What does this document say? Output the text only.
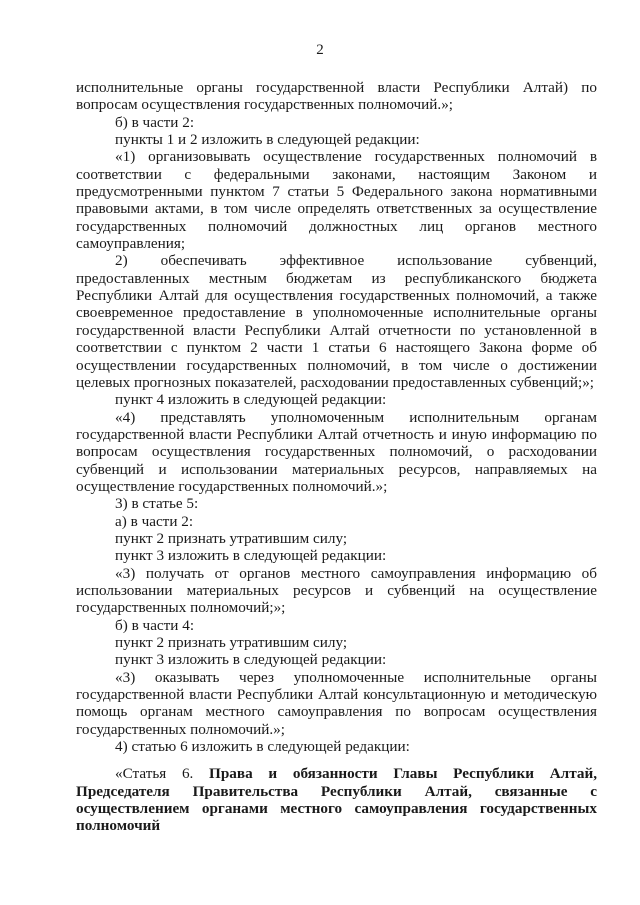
2

исполнительные органы государственной власти Республики Алтай) по вопросам осуществления государственных полномочий.»;

б) в части 2:

пункты 1 и 2 изложить в следующей редакции:

«1) организовывать осуществление государственных полномочий в соответствии с федеральными законами, настоящим Законом и предусмотренными пунктом 7 статьи 5 Федерального закона нормативными правовыми актами, в том числе определять ответственных за осуществление государственных полномочий должностных лиц органов местного самоуправления;

2) обеспечивать эффективное использование субвенций, предоставленных местным бюджетам из республиканского бюджета Республики Алтай для осуществления государственных полномочий, а также своевременное предоставление в уполномоченные исполнительные органы государственной власти Республики Алтай отчетности по установленной в соответствии с пунктом 2 части 1 статьи 6 настоящего Закона форме об осуществлении государственных полномочий, в том числе о достижении целевых прогнозных показателей, расходовании предоставленных субвенций;»;

пункт 4 изложить в следующей редакции:

«4) представлять уполномоченным исполнительным органам государственной власти Республики Алтай отчетность и иную информацию по вопросам осуществления государственных полномочий, о расходовании субвенций и использовании материальных ресурсов, направляемых на осуществление государственных полномочий.»;

3) в статье 5:

а) в части 2:

пункт 2 признать утратившим силу;

пункт 3 изложить в следующей редакции:

«3) получать от органов местного самоуправления информацию об использовании материальных ресурсов и субвенций на осуществление государственных полномочий;»;

б) в части 4:

пункт 2 признать утратившим силу;

пункт 3 изложить в следующей редакции:

«3) оказывать через уполномоченные исполнительные органы государственной власти Республики Алтай консультационную и методическую помощь органам местного самоуправления по вопросам осуществления государственных полномочий.»;

4) статью 6 изложить в следующей редакции:

«Статья 6. Права и обязанности Главы Республики Алтай, Председателя Правительства Республики Алтай, связанные с осуществлением органами местного самоуправления государственных полномочий
